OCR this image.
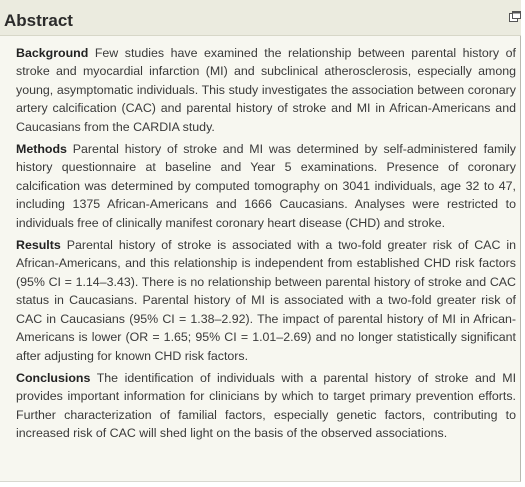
Abstract

Background Few studies have examined the relationship between parental history of stroke and myocardial infarction (MI) and subclinical atherosclerosis, especially among young, asymptomatic individuals. This study investigates the association between coronary artery calcification (CAC) and parental history of stroke and MI in African-Americans and Caucasians from the CARDIA study.

Methods Parental history of stroke and MI was determined by self-administered family history questionnaire at baseline and Year 5 examinations. Presence of coronary calcification was determined by computed tomography on 3041 individuals, age 32 to 47, including 1375 African-Americans and 1666 Caucasians. Analyses were restricted to individuals free of clinically manifest coronary heart disease (CHD) and stroke.

Results Parental history of stroke is associated with a two-fold greater risk of CAC in African-Americans, and this relationship is independent from established CHD risk factors (95% CI = 1.14–3.43). There is no relationship between parental history of stroke and CAC status in Caucasians. Parental history of MI is associated with a two-fold greater risk of CAC in Caucasians (95% CI = 1.38–2.92). The impact of parental history of MI in African-Americans is lower (OR = 1.65; 95% CI = 1.01–2.69) and no longer statistically significant after adjusting for known CHD risk factors.

Conclusions The identification of individuals with a parental history of stroke and MI provides important information for clinicians by which to target primary prevention efforts. Further characterization of familial factors, especially genetic factors, contributing to increased risk of CAC will shed light on the basis of the observed associations.
